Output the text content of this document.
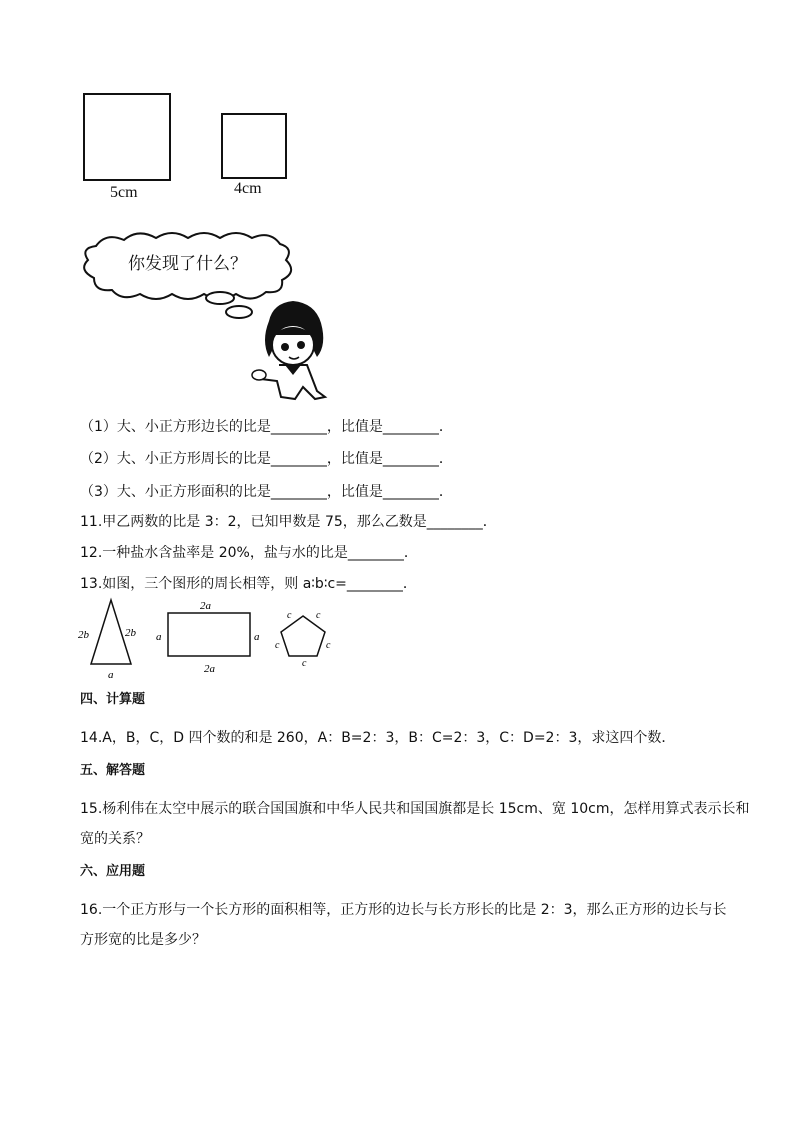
5cm	4cm
你发现了什么？
（1）大、小正方形边长的比是________，比值是________．
（2）大、小正方形周长的比是________，比值是________．
（3）大、小正方形面积的比是________，比值是________．
11.甲乙两数的比是 3：2，已知甲数是 75，那么乙数是________．
12.一种盐水含盐率是 20%，盐与水的比是________．
13.如图，三个图形的周长相等，则 a∶b∶c=________．
2b	2b
a
2a
2a
a	a
c c
c	c
c
四、计算题
14.A，B，C，D 四个数的和是 260，A：B=2：3，B：C=2：3，C：D=2：3，求这四个数．
五、解答题
15.杨利伟在太空中展示的联合国国旗和中华人民共和国国旗都是长 15cm、宽 10cm，怎样用算式表示长和
宽的关系？
六、应用题
16.一个正方形与一个长方形的面积相等，正方形的边长与长方形长的比是 2：3，那么正方形的边长与长
方形宽的比是多少？
